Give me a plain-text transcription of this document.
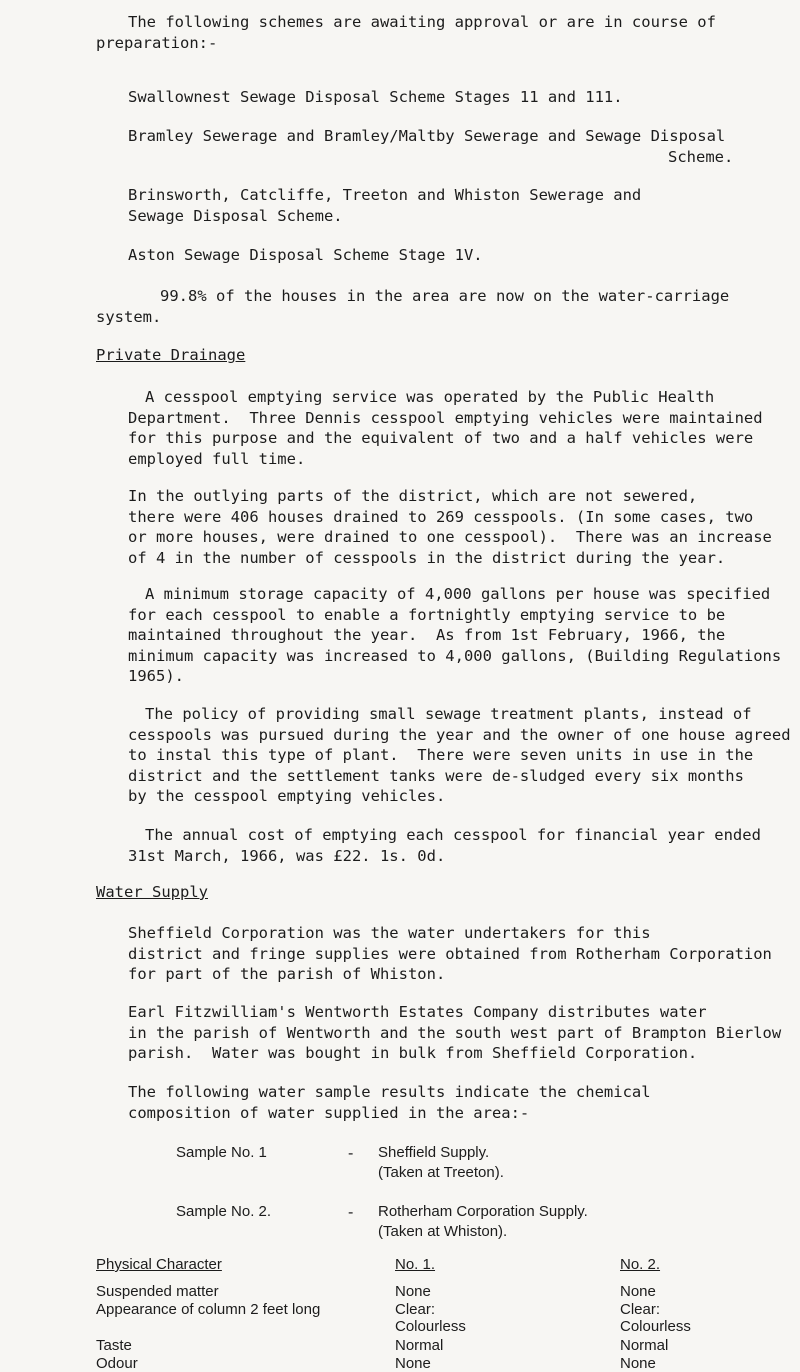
The following schemes are awaiting approval or are in course of
preparation:-

Swallownest Sewage Disposal Scheme Stages 11 and 111.
Bramley Sewerage and Bramley/Maltby Sewerage and Sewage Disposal
Scheme.
Brinsworth, Catcliffe, Treeton and Whiston Sewerage and
Sewage Disposal Scheme.
Aston Sewage Disposal Scheme Stage 1V.

99.8% of the houses in the area are now on the water-carriage
system.

Private Drainage

A cesspool emptying service was operated by the Public Health
Department.  Three Dennis cesspool emptying vehicles were maintained
for this purpose and the equivalent of two and a half vehicles were
employed full time.

In the outlying parts of the district, which are not sewered,
there were 406 houses drained to 269 cesspools. (In some cases, two
or more houses, were drained to one cesspool).  There was an increase
of 4 in the number of cesspools in the district during the year.

A minimum storage capacity of 4,000 gallons per house was specified
for each cesspool to enable a fortnightly emptying service to be
maintained throughout the year.  As from 1st February, 1966, the
minimum capacity was increased to 4,000 gallons, (Building Regulations
1965).

The policy of providing small sewage treatment plants, instead of
cesspools was pursued during the year and the owner of one house agreed
to instal this type of plant.  There were seven units in use in the
district and the settlement tanks were de-sludged every six months
by the cesspool emptying vehicles.

The annual cost of emptying each cesspool for financial year ended
31st March, 1966, was £22. 1s. 0d.

Water Supply

Sheffield Corporation was the water undertakers for this
district and fringe supplies were obtained from Rotherham Corporation
for part of the parish of Whiston.

Earl Fitzwilliam's Wentworth Estates Company distributes water
in the parish of Wentworth and the south west part of Brampton Bierlow
parish.  Water was bought in bulk from Sheffield Corporation.

The following water sample results indicate the chemical
composition of water supplied in the area:-

Sample No. 1	- Sheffield Supply.
(Taken at Treeton).
Sample No. 2.	- Rotherham Corporation Supply.
(Taken at Whiston).
Physical Character	No. 1.	No. 2.
Suspended matter	None	None
Appearance of column 2 feet long	Clear:	Clear:
Colourless	Colourless
Taste	Normal	Normal
Odour	None	None
